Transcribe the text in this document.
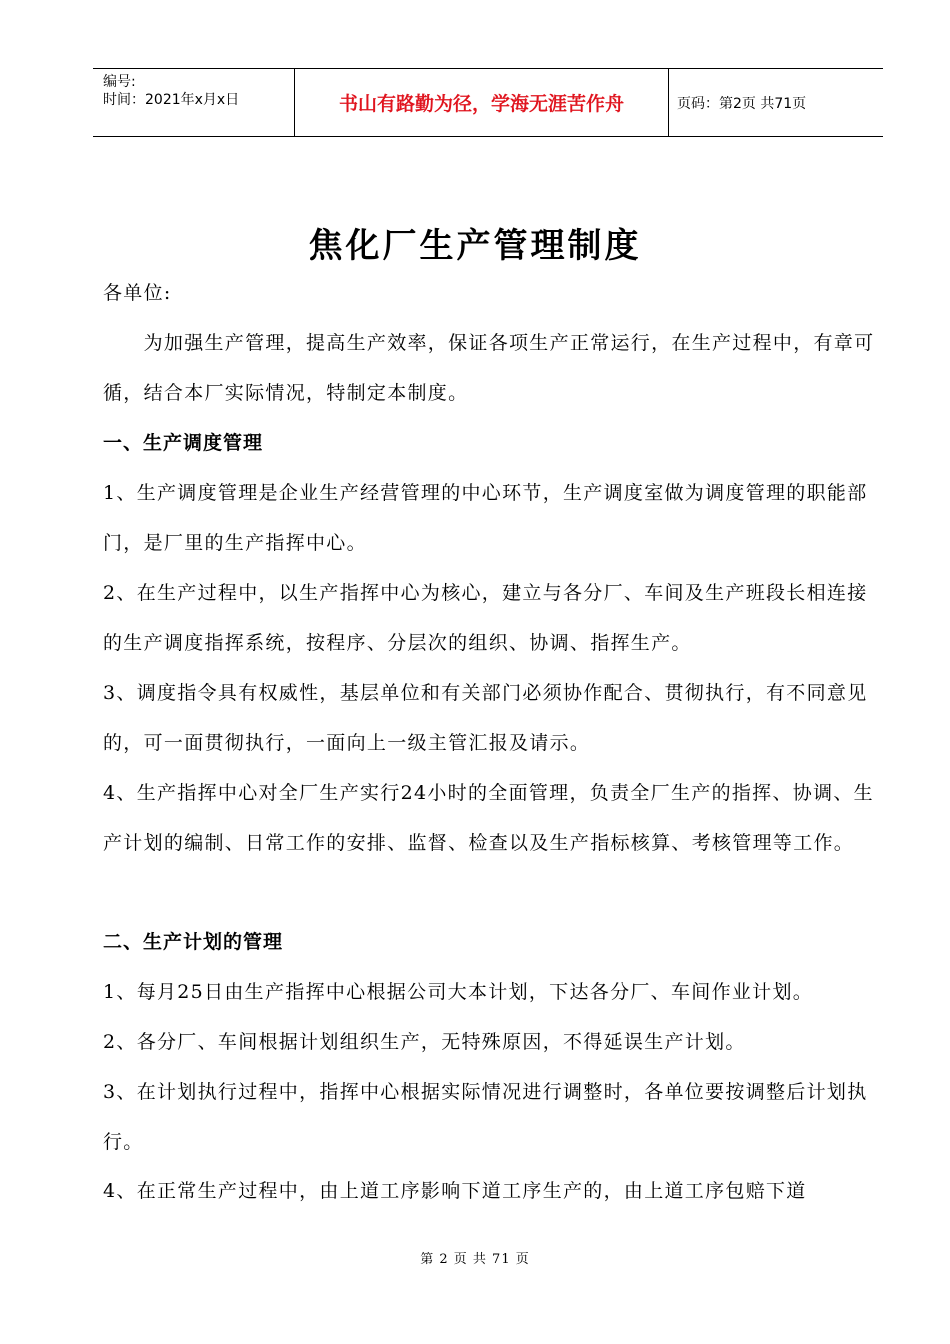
编号:
时间：2021年x月x日	书山有路勤为径，学海无涯苦作舟	页码：第2页 共71页
焦化厂生产管理制度
各单位:
　　为加强生产管理，提高生产效率，保证各项生产正常运行，在生产过程中，有章可循，结合本厂实际情况，特制定本制度。
一、生产调度管理
1、生产调度管理是企业生产经营管理的中心环节，生产调度室做为调度管理的职能部门，是厂里的生产指挥中心。
2、在生产过程中，以生产指挥中心为核心，建立与各分厂、车间及生产班段长相连接的生产调度指挥系统，按程序、分层次的组织、协调、指挥生产。
3、调度指令具有权威性，基层单位和有关部门必须协作配合、贯彻执行，有不同意见的，可一面贯彻执行，一面向上一级主管汇报及请示。
4、生产指挥中心对全厂生产实行24小时的全面管理，负责全厂生产的指挥、协调、生产计划的编制、日常工作的安排、监督、检查以及生产指标核算、考核管理等工作。
二、生产计划的管理
1、每月25日由生产指挥中心根据公司大本计划，下达各分厂、车间作业计划。
2、各分厂、车间根据计划组织生产，无特殊原因，不得延误生产计划。
3、在计划执行过程中，指挥中心根据实际情况进行调整时，各单位要按调整后计划执行。
4、在正常生产过程中，由上道工序影响下道工序生产的，由上道工序包赔下道
第 2 页 共 71 页
